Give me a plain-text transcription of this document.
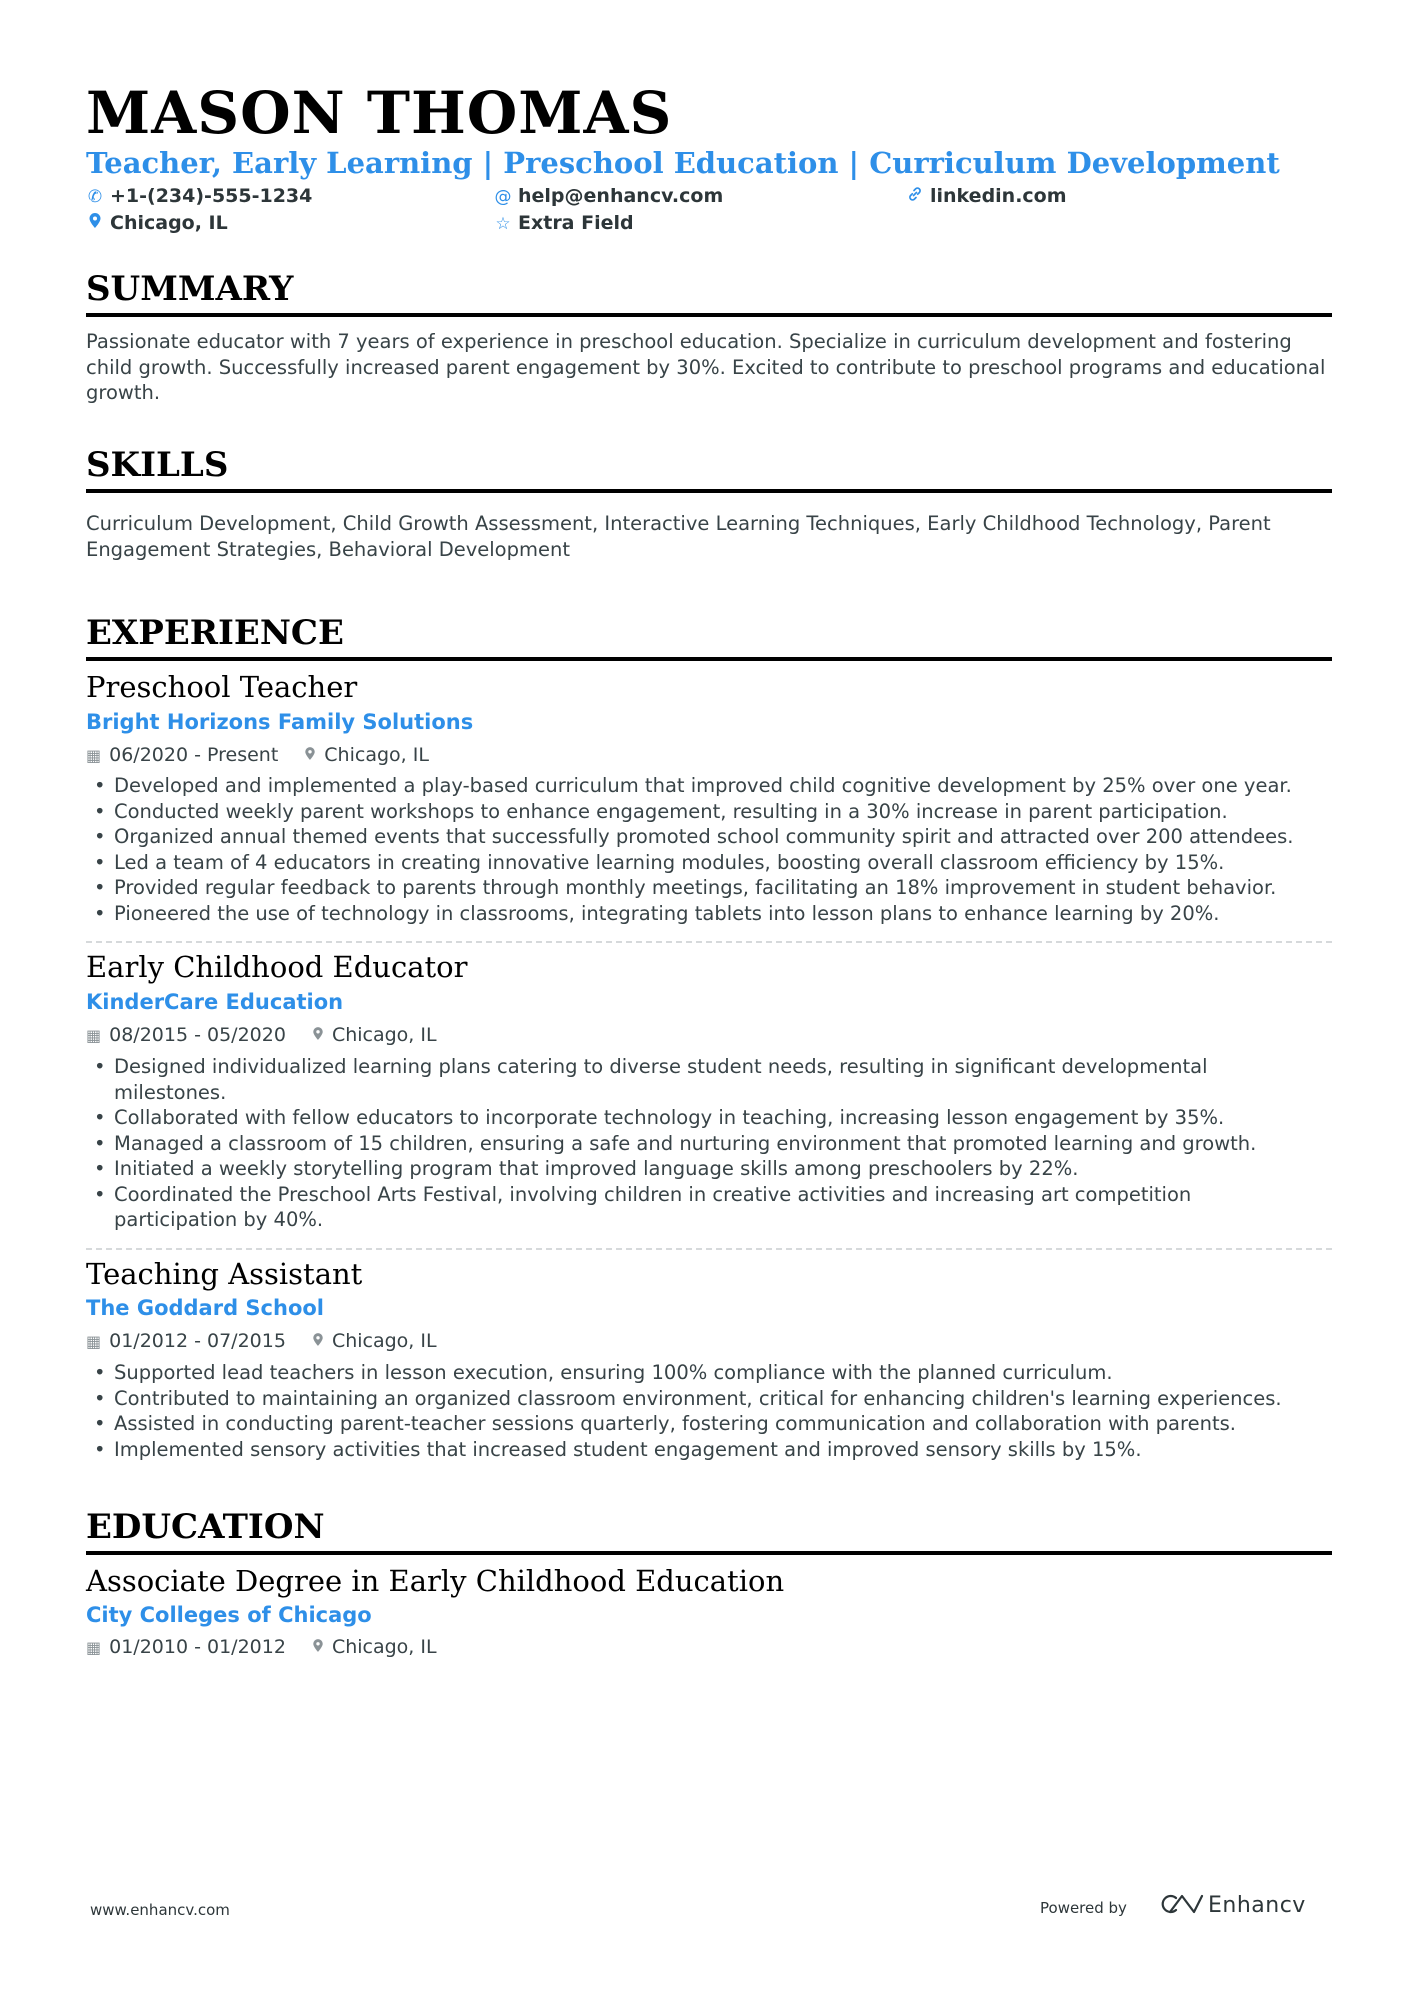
MASON THOMAS
Teacher, Early Learning | Preschool Education | Curriculum Development
✆ +1-(234)-555-1234	@ help@enhancv.com	linkedin.com
Chicago, IL	☆ Extra Field
SUMMARY
Passionate educator with 7 years of experience in preschool education. Specialize in curriculum development and fostering child growth. Successfully increased parent engagement by 30%. Excited to contribute to preschool programs and educational growth.
SKILLS
Curriculum Development, Child Growth Assessment, Interactive Learning Techniques, Early Childhood Technology, Parent Engagement Strategies, Behavioral Development
EXPERIENCE
Preschool Teacher
Bright Horizons Family Solutions
▦ 06/2020 - Present Chicago, IL
• Developed and implemented a play-based curriculum that improved child cognitive development by 25% over one year.
• Conducted weekly parent workshops to enhance engagement, resulting in a 30% increase in parent participation.
• Organized annual themed events that successfully promoted school community spirit and attracted over 200 attendees.
• Led a team of 4 educators in creating innovative learning modules, boosting overall classroom efficiency by 15%.
• Provided regular feedback to parents through monthly meetings, facilitating an 18% improvement in student behavior.
• Pioneered the use of technology in classrooms, integrating tablets into lesson plans to enhance learning by 20%.
Early Childhood Educator
KinderCare Education
▦ 08/2015 - 05/2020 Chicago, IL
• Designed individualized learning plans catering to diverse student needs, resulting in significant developmental milestones.
• Collaborated with fellow educators to incorporate technology in teaching, increasing lesson engagement by 35%.
• Managed a classroom of 15 children, ensuring a safe and nurturing environment that promoted learning and growth.
• Initiated a weekly storytelling program that improved language skills among preschoolers by 22%.
• Coordinated the Preschool Arts Festival, involving children in creative activities and increasing art competition participation by 40%.
Teaching Assistant
The Goddard School
▦ 01/2012 - 07/2015 Chicago, IL
• Supported lead teachers in lesson execution, ensuring 100% compliance with the planned curriculum.
• Contributed to maintaining an organized classroom environment, critical for enhancing children's learning experiences.
• Assisted in conducting parent-teacher sessions quarterly, fostering communication and collaboration with parents.
• Implemented sensory activities that increased student engagement and improved sensory skills by 15%.
EDUCATION
Associate Degree in Early Childhood Education
City Colleges of Chicago
▦ 01/2010 - 01/2012 Chicago, IL
www.enhancv.com	Powered by	Enhancv
